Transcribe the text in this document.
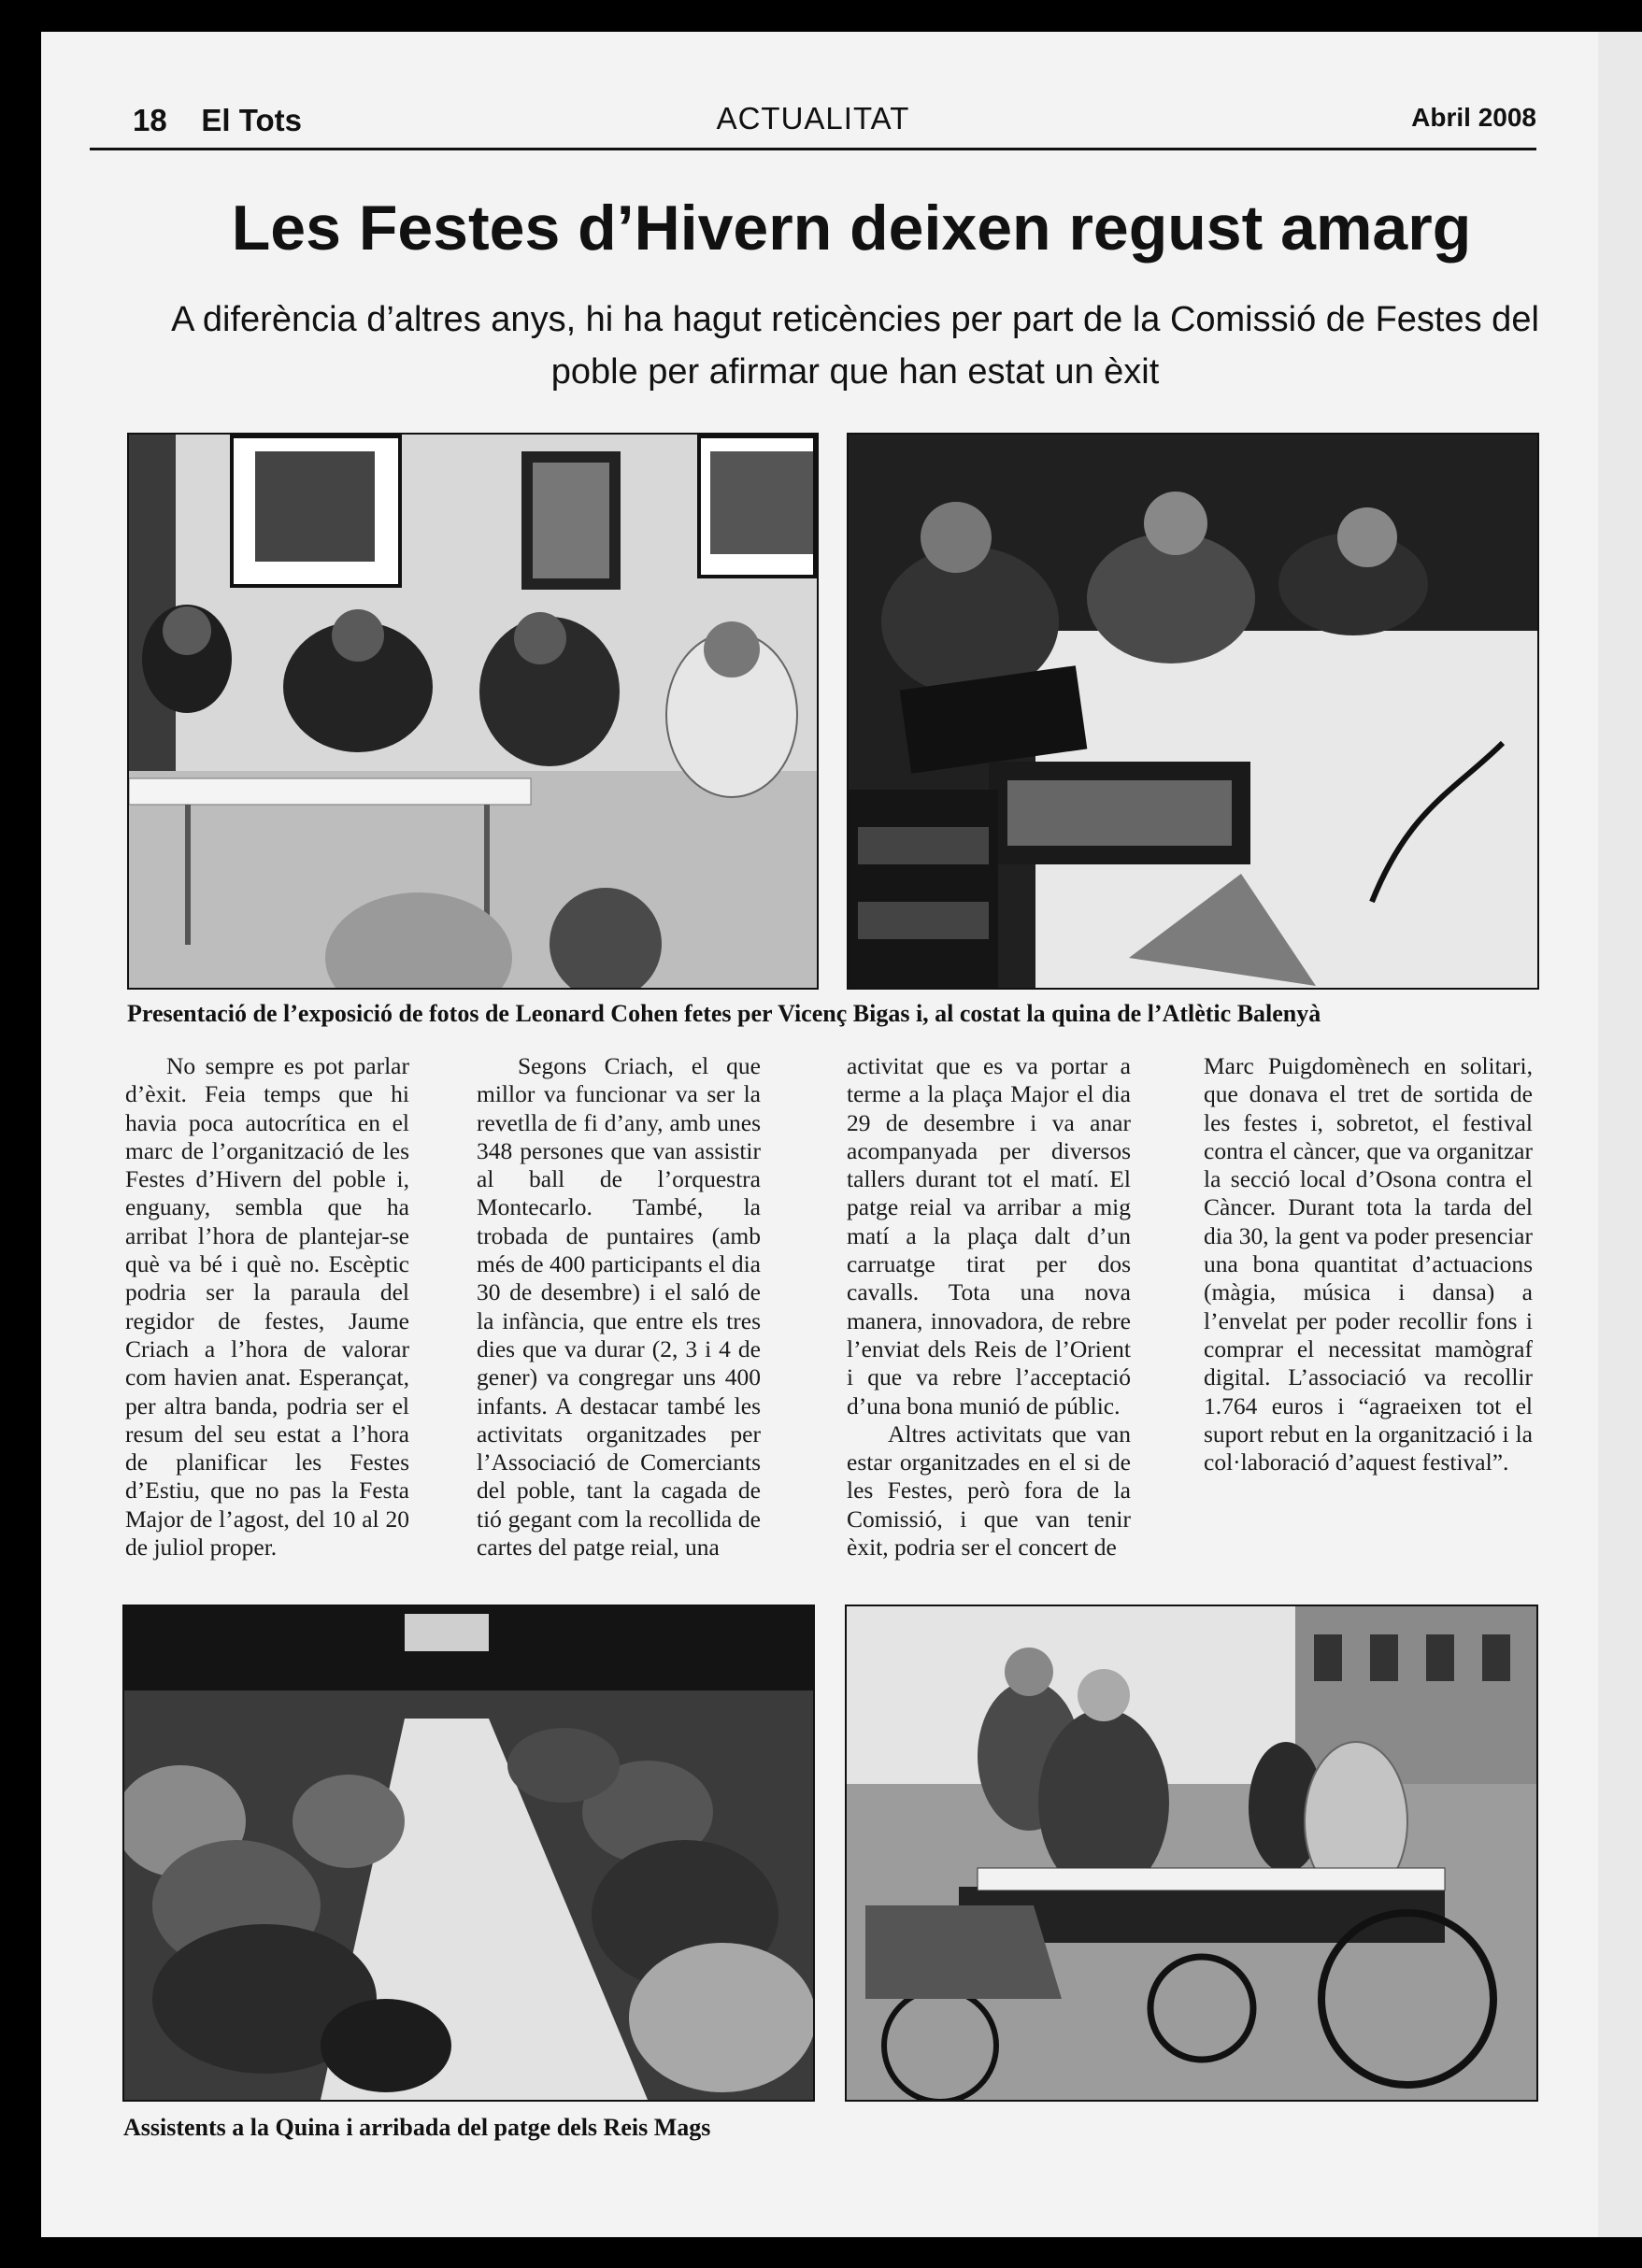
18 El Tots	ACTUALITAT	Abril 2008
Les Festes d’Hivern deixen regust amarg

A diferència d’altres anys, hi ha hagut reticències per part de la Comissió de Festes del poble per afirmar que han estat un èxit

Presentació de l’exposició de fotos de Leonard Cohen fetes per Vicenç Bigas i, al costat la quina de l’Atlètic Balenyà

No sempre es pot parlar d’èxit. Feia temps que hi havia poca autocrítica en el marc de l’organització de les Festes d’Hivern del poble i, enguany, sembla que ha arribat l’hora de plantejar-se què va bé i què no. Escèptic podria ser la paraula del regidor de festes, Jaume Criach a l’hora de valorar com havien anat. Esperançat, per altra banda, podria ser el resum del seu estat a l’hora de planificar les Festes d’Estiu, que no pas la Festa Major de l’agost, del 10 al 20 de juliol proper.

Segons Criach, el que millor va funcionar va ser la revetlla de fi d’any, amb unes 348 persones que van assistir al ball de l’orquestra Montecarlo. També, la trobada de puntaires (amb més de 400 participants el dia 30 de desembre) i el saló de la infància, que entre els tres dies que va durar (2, 3 i 4 de gener) va congregar uns 400 infants. A destacar també les activitats organitzades per l’Associació de Comerciants del poble, tant la cagada de tió gegant com la recollida de cartes del patge reial, una

activitat que es va portar a terme a la plaça Major el dia 29 de desembre i va anar acompanyada per diversos tallers durant tot el matí. El patge reial va arribar a mig matí a la plaça dalt d’un carruatge tirat per dos cavalls. Tota una nova manera, innovadora, de rebre l’enviat dels Reis de l’Orient i que va rebre l’acceptació d’una bona munió de públic.

Altres activitats que van estar organitzades en el si de les Festes, però fora de la Comissió, i que van tenir èxit, podria ser el concert de

Marc Puigdomènech en solitari, que donava el tret de sortida de les festes i, sobretot, el festival contra el càncer, que va organitzar la secció local d’Osona contra el Càncer. Durant tota la tarda del dia 30, la gent va poder presenciar una bona quantitat d’actuacions (màgia, música i dansa) a l’envelat per poder recollir fons i comprar el necessitat mamògraf digital. L’associació va recollir 1.764 euros i “agraeixen tot el suport rebut en la organització i la col·laboració d’aquest festival”.

Assistents a la Quina i arribada del patge dels Reis Mags
